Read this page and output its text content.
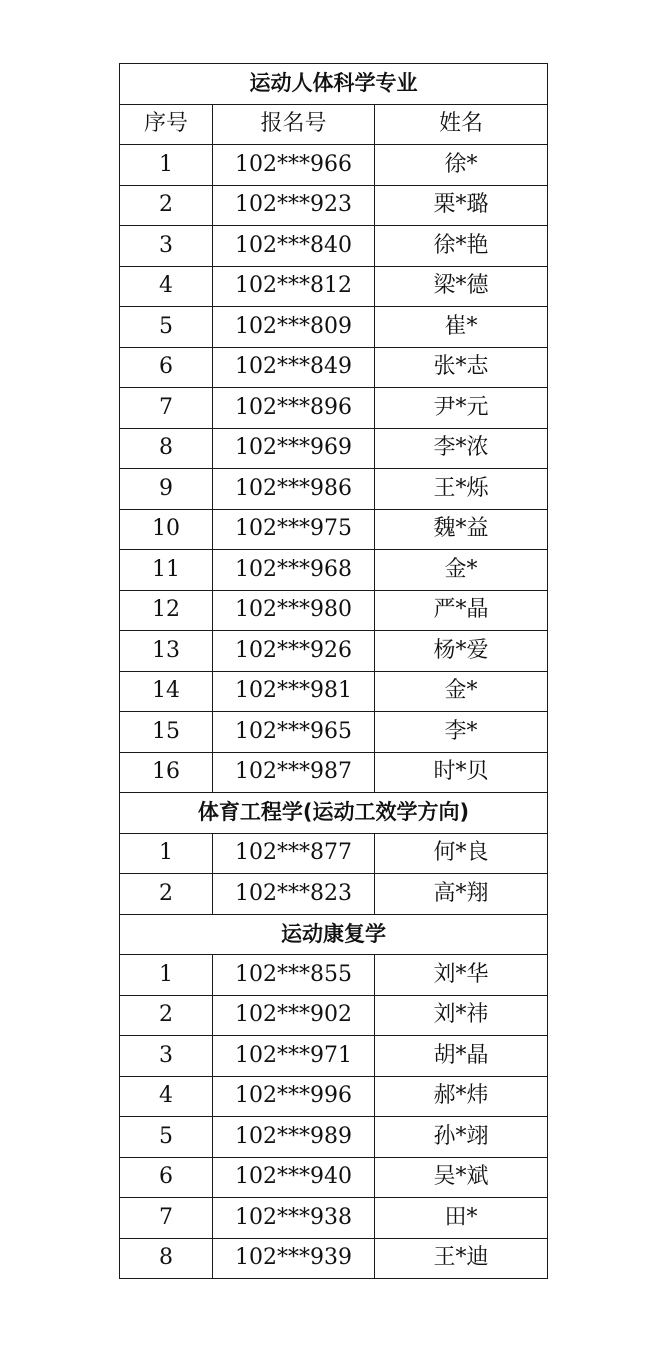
运动人体科学专业		
序号	报名号	姓名
1	102***966	徐*
2	102***923	栗*璐
3	102***840	徐*艳
4	102***812	梁*德
5	102***809	崔*
6	102***849	张*志
7	102***896	尹*元
8	102***969	李*浓
9	102***986	王*烁
10	102***975	魏*益
11	102***968	金*
12	102***980	严*晶
13	102***926	杨*爱
14	102***981	金*
15	102***965	李*
16	102***987	时*贝
体育工程学(运动工效学方向)		
1	102***877	何*良
2	102***823	高*翔
运动康复学		
1	102***855	刘*华
2	102***902	刘*祎
3	102***971	胡*晶
4	102***996	郝*炜
5	102***989	孙*翊
6	102***940	吴*斌
7	102***938	田*
8	102***939	王*迪
